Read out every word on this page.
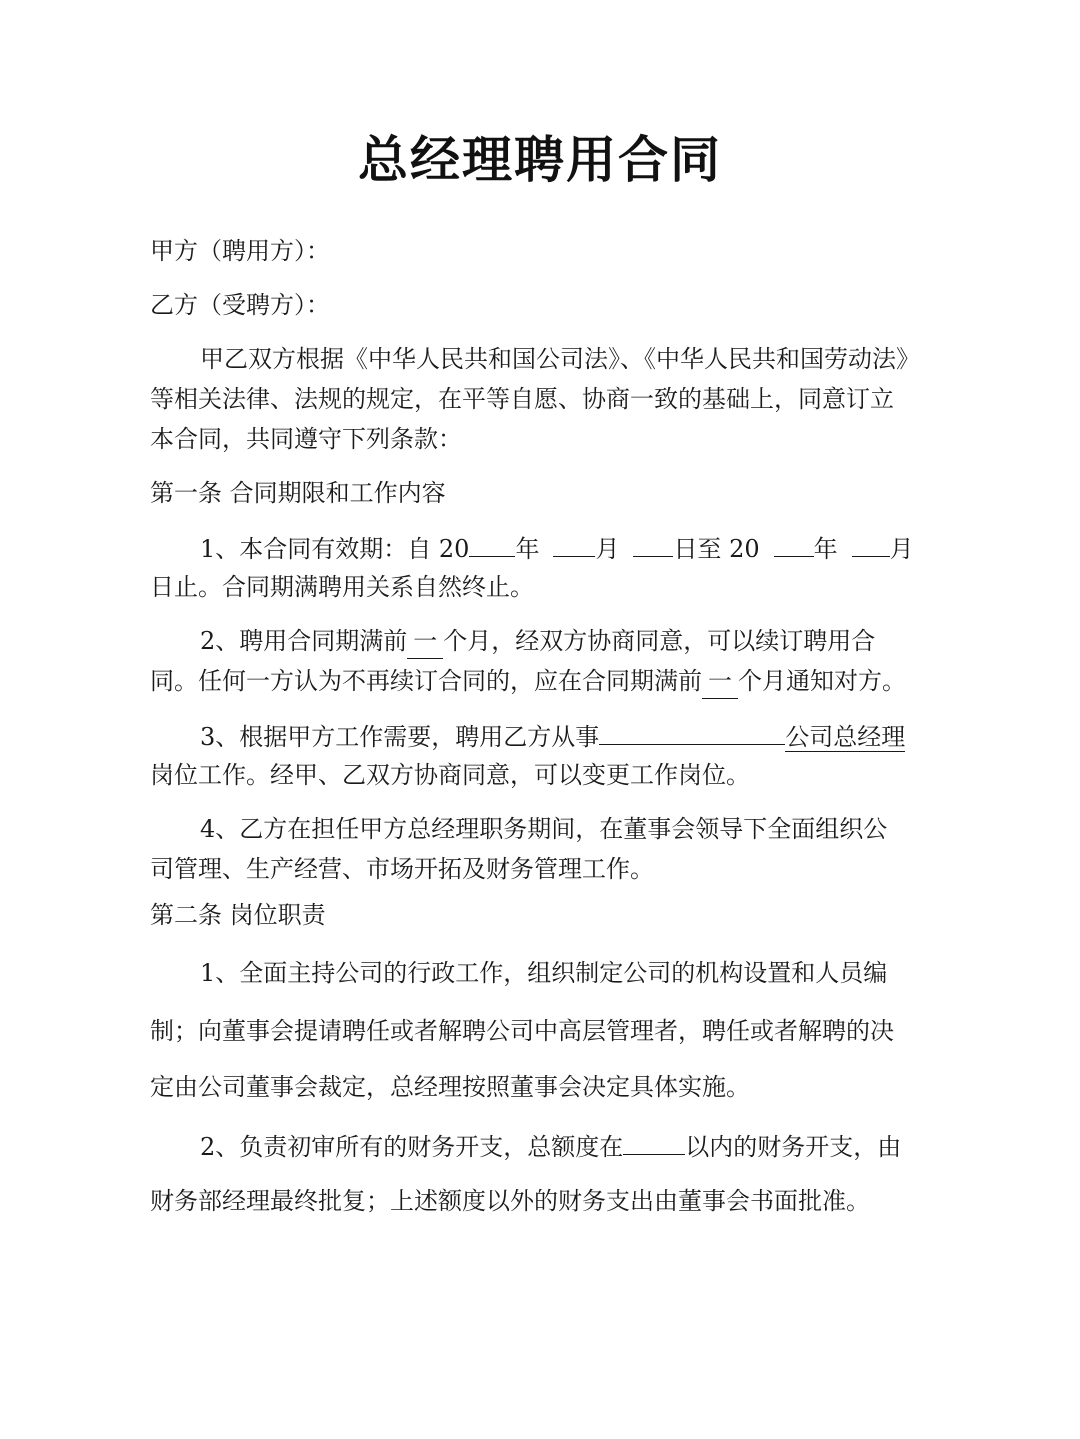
总经理聘用合同
甲方（聘用方）：
乙方（受聘方）：
甲乙双方根据《中华人民共和国公司法》、《中华人民共和国劳动法》
等相关法律、法规的规定，在平等自愿、协商一致的基础上，同意订立
本合同，共同遵守下列条款：
第一条 合同期限和工作内容
1、本合同有效期：自 20 年 月 日至 20 年 月
日止。合同期满聘用关系自然终止。
2、聘用合同期满前 一 个月，经双方协商同意，可以续订聘用合
同。任何一方认为不再续订合同的，应在合同期满前 一 个月通知对方。
3、根据甲方工作需要，聘用乙方从事	公司总经理
岗位工作。经甲、乙双方协商同意，可以变更工作岗位。
4、乙方在担任甲方总经理职务期间，在董事会领导下全面组织公
司管理、生产经营、市场开拓及财务管理工作。
第二条 岗位职责
1、全面主持公司的行政工作，组织制定公司的机构设置和人员编
制；向董事会提请聘任或者解聘公司中高层管理者，聘任或者解聘的决
定由公司董事会裁定，总经理按照董事会决定具体实施。
2、负责初审所有的财务开支，总额度在	以内的财务开支，由
财务部经理最终批复；上述额度以外的财务支出由董事会书面批准。
